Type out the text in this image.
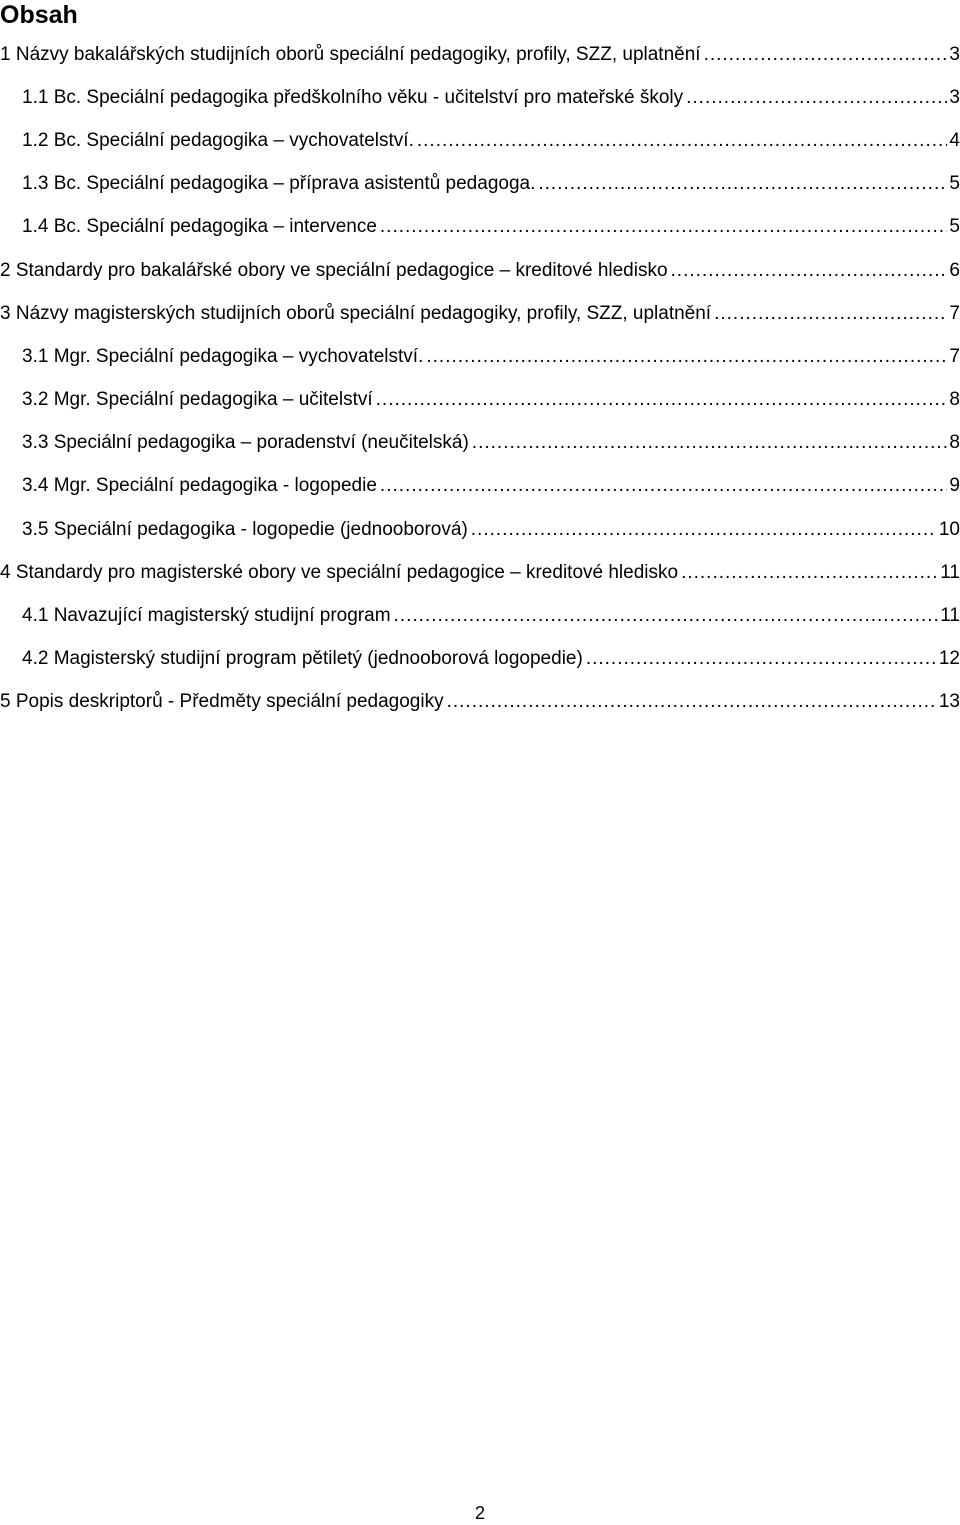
Obsah
1 Názvy bakalářských studijních oborů speciální pedagogiky, profily, SZZ, uplatnění .....	3
1.1 Bc. Speciální pedagogika předškolního věku - učitelství pro mateřské školy .....	3
1.2 Bc. Speciální pedagogika – vychovatelství. .....	4
1.3 Bc. Speciální pedagogika – příprava asistentů pedagoga. .....	5
1.4 Bc. Speciální pedagogika – intervence .....	5
2 Standardy pro bakalářské obory ve speciální pedagogice – kreditové hledisko .....	6
3 Názvy magisterských studijních oborů speciální pedagogiky, profily, SZZ, uplatnění .....	7
3.1 Mgr. Speciální pedagogika – vychovatelství. .....	7
3.2 Mgr. Speciální pedagogika – učitelství .....	8
3.3 Speciální pedagogika – poradenství (neučitelská) .....	8
3.4 Mgr. Speciální pedagogika - logopedie .....	9
3.5 Speciální pedagogika - logopedie (jednooborová) .....	10
4 Standardy pro magisterské obory ve speciální pedagogice – kreditové hledisko .....	11
4.1 Navazující magisterský studijní program .....	11
4.2 Magisterský studijní program pětiletý (jednooborová logopedie) .....	12
5 Popis deskriptorů - Předměty speciální pedagogiky .....	13
2
